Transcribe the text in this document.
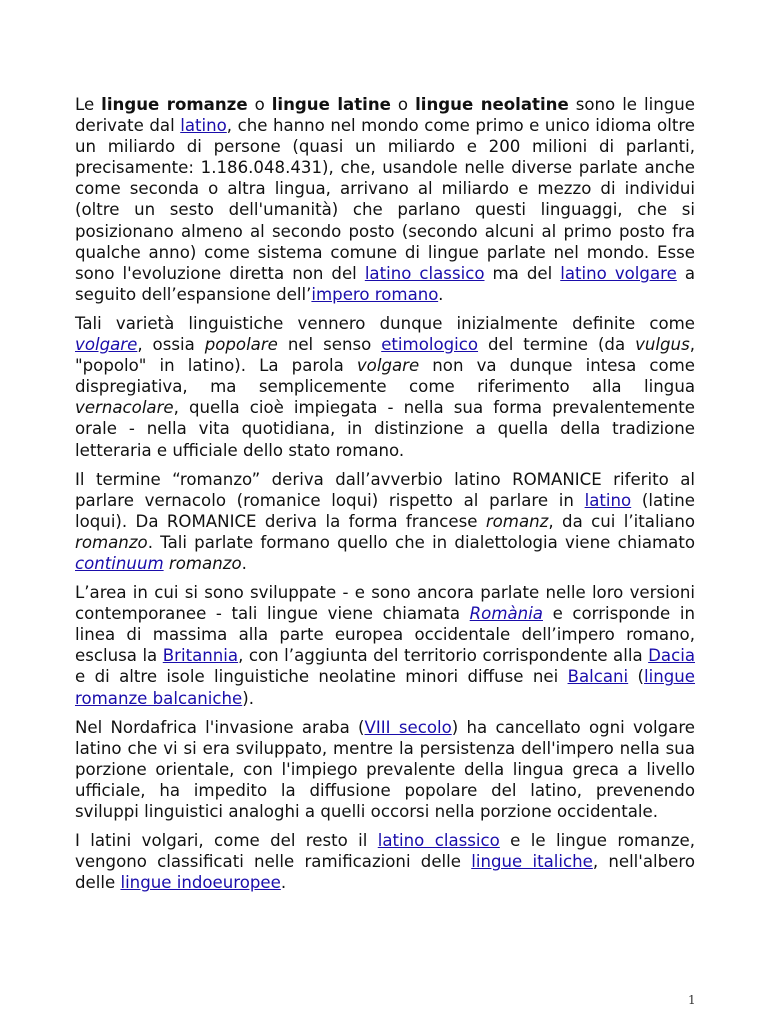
Le lingue romanze o lingue latine o lingue neolatine sono le lingue derivate dal latino, che hanno nel mondo come primo e unico idioma oltre un miliardo di persone (quasi un miliardo e 200 milioni di parlanti, precisamente: 1.186.048.431), che, usandole nelle diverse parlate anche come seconda o altra lingua, arrivano al miliardo e mezzo di individui (oltre un sesto dell'umanità) che parlano questi linguaggi, che si posizionano almeno al secondo posto (secondo alcuni al primo posto fra qualche anno) come sistema comune di lingue parlate nel mondo. Esse sono l'evoluzione diretta non del latino classico ma del latino volgare a seguito dell’espansione dell’impero romano.

Tali varietà linguistiche vennero dunque inizialmente definite come volgare, ossia popolare nel senso etimologico del termine (da vulgus, "popolo" in latino). La parola volgare non va dunque intesa come dispregiativa, ma semplicemente come riferimento alla lingua vernacolare, quella cioè impiegata - nella sua forma prevalentemente orale - nella vita quotidiana, in distinzione a quella della tradizione letteraria e ufficiale dello stato romano.

Il termine “romanzo” deriva dall’avverbio latino ROMANICE riferito al parlare vernacolo (romanice loqui) rispetto al parlare in latino (latine loqui). Da ROMANICE deriva la forma francese romanz, da cui l’italiano romanzo. Tali parlate formano quello che in dialettologia viene chiamato continuum romanzo.

L’area in cui si sono sviluppate - e sono ancora parlate nelle loro versioni contemporanee - tali lingue viene chiamata Romània e corrisponde in linea di massima alla parte europea occidentale dell’impero romano, esclusa la Britannia, con l’aggiunta del territorio corrispondente alla Dacia e di altre isole linguistiche neolatine minori diffuse nei Balcani (lingue romanze balcaniche).

Nel Nordafrica l'invasione araba (VIII secolo) ha cancellato ogni volgare latino che vi si era sviluppato, mentre la persistenza dell'impero nella sua porzione orientale, con l'impiego prevalente della lingua greca a livello ufficiale, ha impedito la diffusione popolare del latino, prevenendo sviluppi linguistici analoghi a quelli occorsi nella porzione occidentale.

I latini volgari, come del resto il latino classico e le lingue romanze, vengono classificati nelle ramificazioni delle lingue italiche, nell'albero delle lingue indoeuropee.

1
